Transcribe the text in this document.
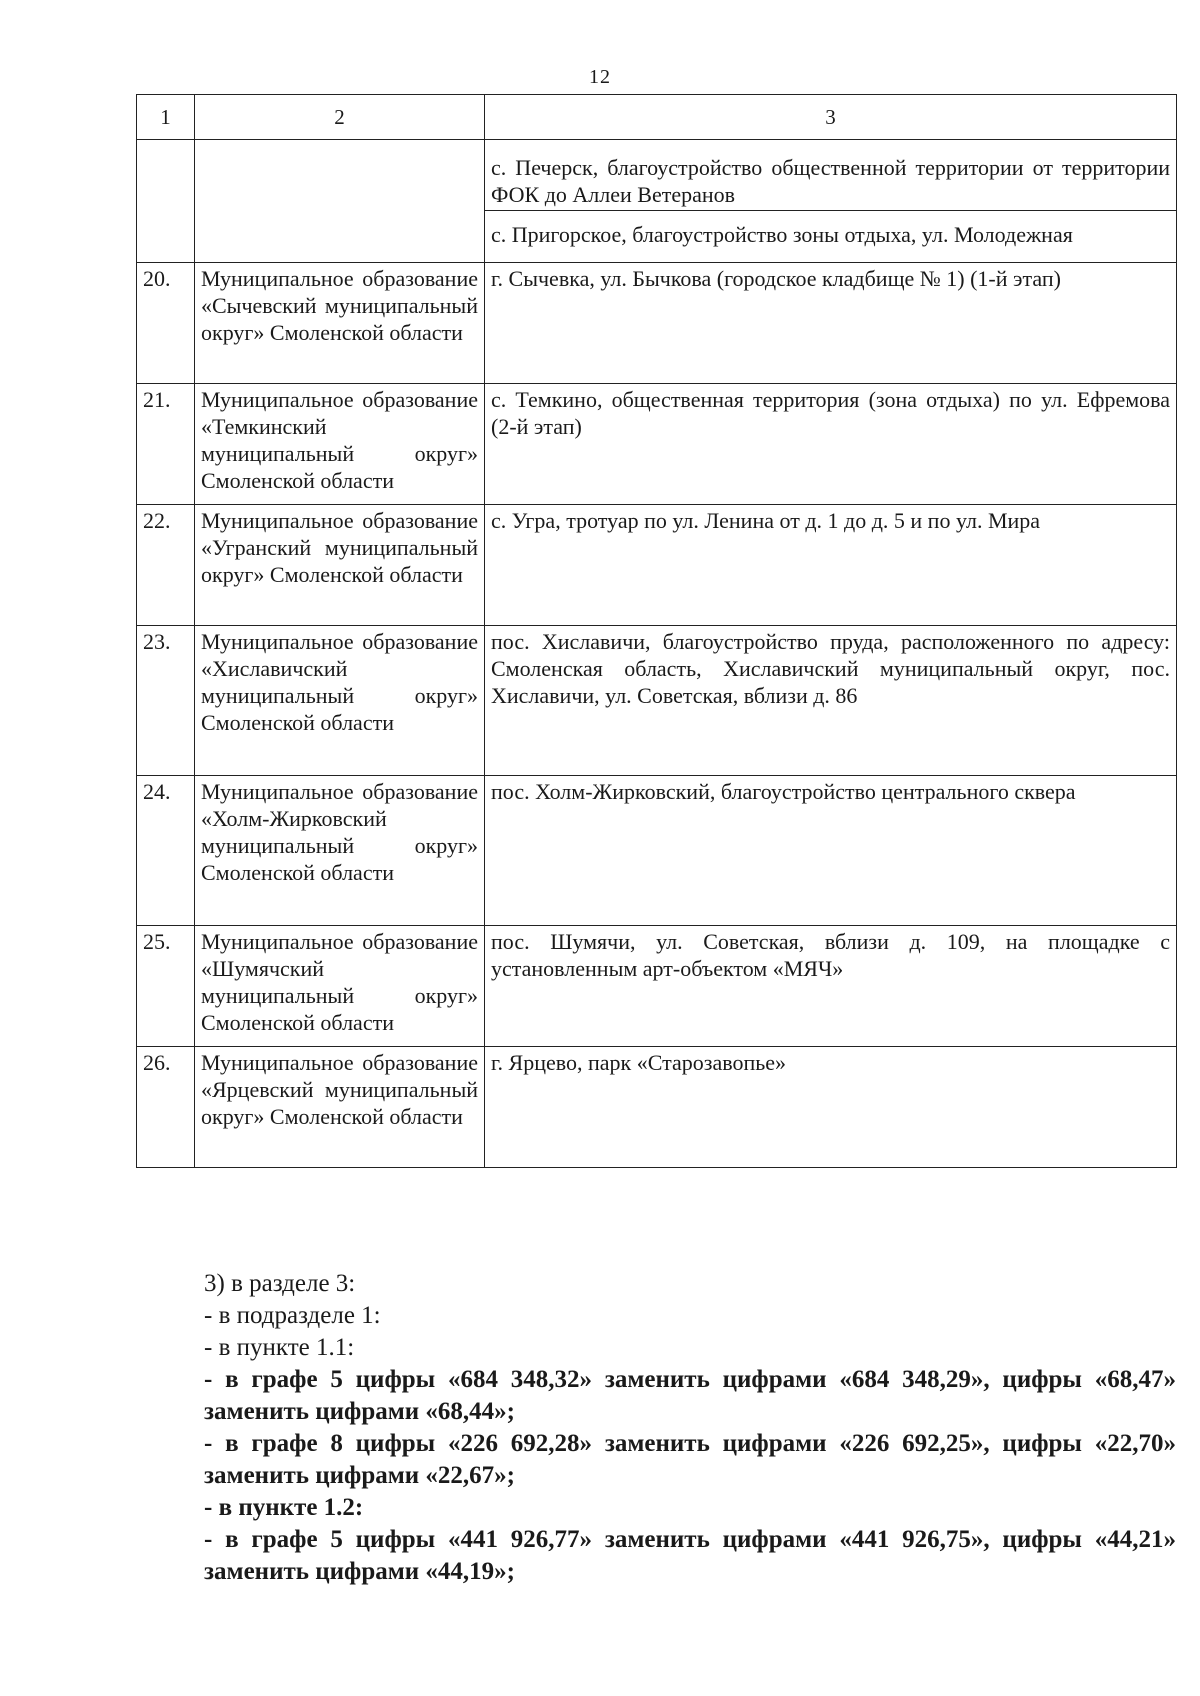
12
1	2	3
		с. Печерск, благоустройство общественной территории от территории ФОК до Аллеи Ветеранов
		с. Пригорское, благоустройство зоны отдыха, ул. Молодежная
20.	Муниципальное образование «Сычевский муниципальный округ» Смоленской области	г. Сычевка, ул. Бычкова (городское кладбище № 1) (1-й этап)
21.	Муниципальное образование «Темкинский муниципальный округ» Смоленской области	с. Темкино, общественная территория (зона отдыха) по ул. Ефремова (2-й этап)
22.	Муниципальное образование «Угранский муниципальный округ» Смоленской области	с. Угра, тротуар по ул. Ленина от д. 1 до д. 5 и по ул. Мира
23.	Муниципальное образование «Хиславичский муниципальный округ» Смоленской области	пос. Хиславичи, благоустройство пруда, расположенного по адресу: Смоленская область, Хиславичский муниципальный округ, пос. Хиславичи, ул. Советская, вблизи д. 86
24.	Муниципальное образование «Холм-Жирковский муниципальный округ» Смоленской области	пос. Холм-Жирковский, благоустройство центрального сквера
25.	Муниципальное образование «Шумячский муниципальный округ» Смоленской области	пос. Шумячи, ул. Советская, вблизи д. 109, на площадке с установленным арт-объектом «МЯЧ»
26.	Муниципальное образование «Ярцевский муниципальный округ» Смоленской области	г. Ярцево, парк «Старозавопье»

3) в разделе 3:

- в подразделе 1:

- в пункте 1.1:

- в графе 5 цифры «684 348,32» заменить цифрами «684 348,29», цифры «68,47» заменить цифрами «68,44»;

- в графе 8 цифры «226 692,28» заменить цифрами «226 692,25», цифры «22,70» заменить цифрами «22,67»;

- в пункте 1.2:

- в графе 5 цифры «441 926,77» заменить цифрами «441 926,75», цифры «44,21» заменить цифрами «44,19»;
